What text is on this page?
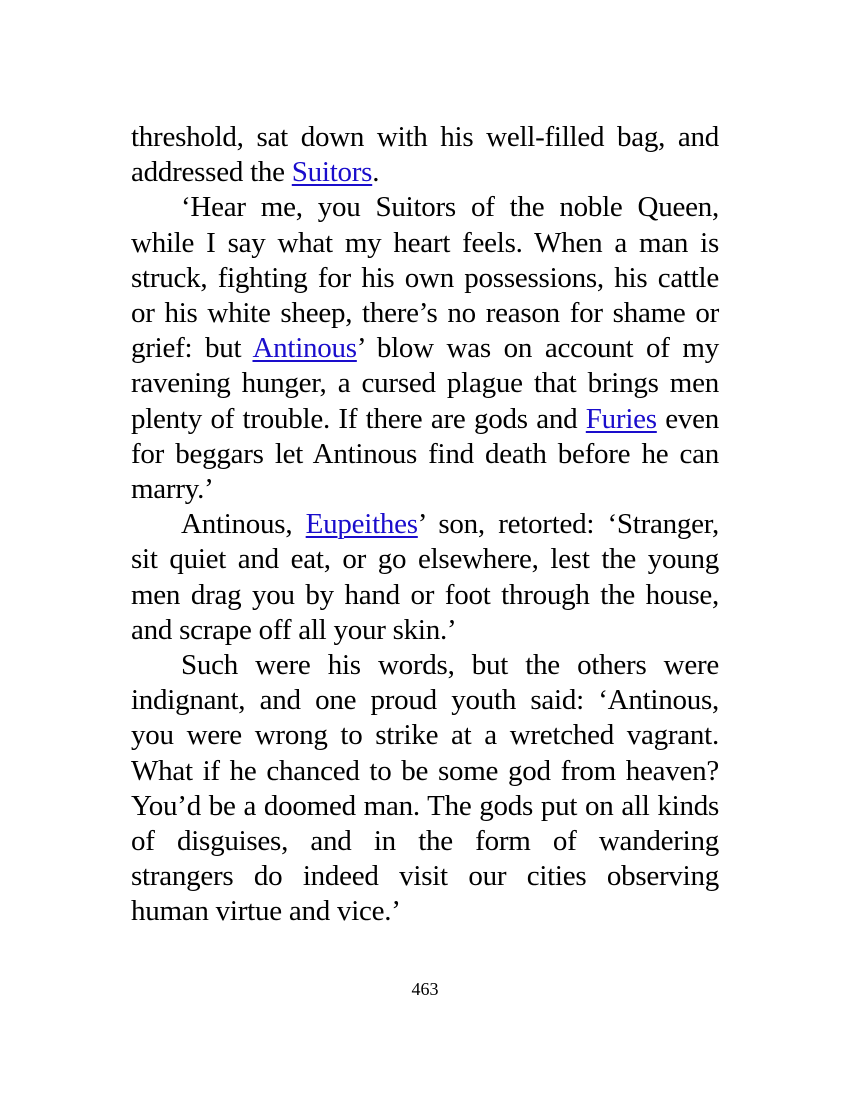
threshold, sat down with his well-filled bag, and addressed the Suitors.

‘Hear me, you Suitors of the noble Queen, while I say what my heart feels. When a man is struck, fighting for his own possessions, his cattle or his white sheep, there’s no reason for shame or grief: but Antinous’ blow was on account of my ravening hunger, a cursed plague that brings men plenty of trouble. If there are gods and Furies even for beggars let Antinous find death before he can marry.’

Antinous, Eupeithes’ son, retorted: ‘Stranger, sit quiet and eat, or go elsewhere, lest the young men drag you by hand or foot through the house, and scrape off all your skin.’

Such were his words, but the others were indignant, and one proud youth said: ‘Antinous, you were wrong to strike at a wretched vagrant. What if he chanced to be some god from heaven? You’d be a doomed man. The gods put on all kinds of disguises, and in the form of wandering strangers do indeed visit our cities observing human virtue and vice.’

463
